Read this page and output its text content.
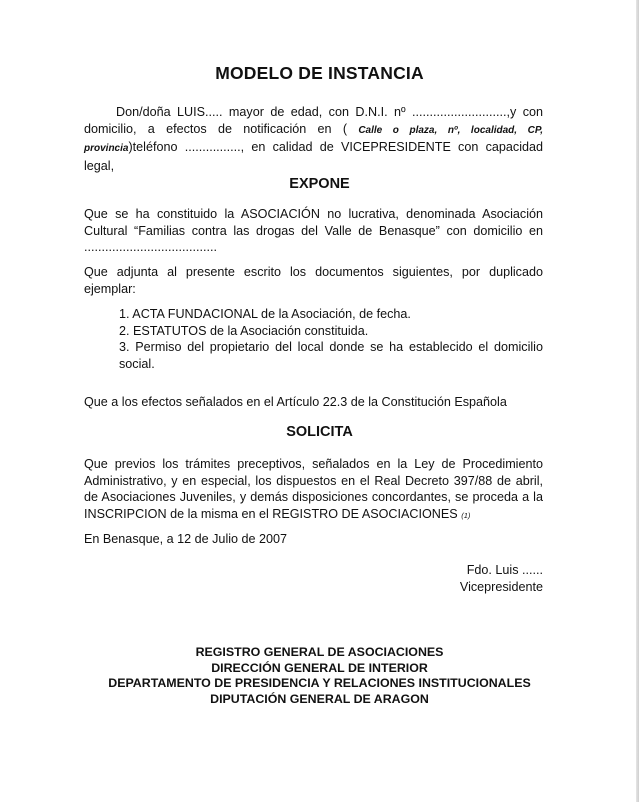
MODELO DE INSTANCIA
Don/doña LUIS..... mayor de edad, con D.N.I. nº ...........................,y con domicilio, a efectos de notificación en ( Calle o plaza, nº, localidad, CP, provincia)teléfono ................, en calidad de VICEPRESIDENTE con capacidad legal,
EXPONE
Que se ha constituido la ASOCIACIÓN no lucrativa, denominada Asociación Cultural “Familias contra las drogas del Valle de Benasque” con domicilio en ......................................
Que adjunta al presente escrito los documentos siguientes, por duplicado ejemplar:
1. ACTA FUNDACIONAL de la Asociación, de fecha.
2. ESTATUTOS de la Asociación constituida.
3. Permiso del propietario del local donde se ha establecido el domicilio social.
Que a los efectos señalados en el Artículo 22.3 de la Constitución Española
SOLICITA
Que previos los trámites preceptivos, señalados en la Ley de Procedimiento Administrativo, y en especial, los dispuestos en el Real Decreto 397/88 de abril, de Asociaciones Juveniles, y demás disposiciones concordantes, se proceda a la INSCRIPCION de la misma en el REGISTRO DE ASOCIACIONES (1)
En Benasque, a 12 de Julio de 2007
Fdo. Luis ......
Vicepresidente
REGISTRO GENERAL DE ASOCIACIONES
DIRECCIÓN GENERAL DE INTERIOR
DEPARTAMENTO DE PRESIDENCIA Y RELACIONES INSTITUCIONALES
DIPUTACIÓN GENERAL DE ARAGON
